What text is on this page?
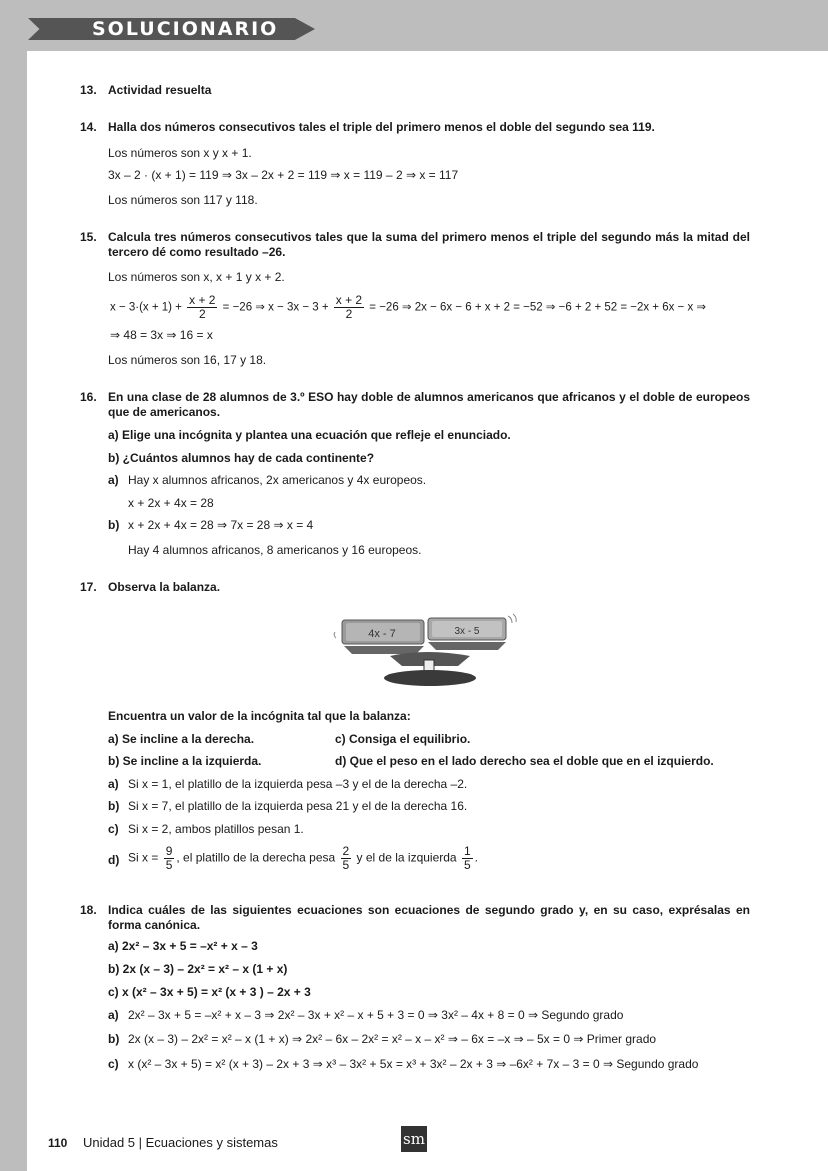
SOLUCIONARIO
13. Actividad resuelta
14. Halla dos números consecutivos tales el triple del primero menos el doble del segundo sea 119.
Los números son x y x + 1.
3x – 2 · (x + 1) = 119 ⇒ 3x – 2x + 2 = 119 ⇒ x = 119 – 2 ⇒ x = 117
Los números son 117 y 118.
15. Calcula tres números consecutivos tales que la suma del primero menos el triple del segundo más la mitad del tercero dé como resultado –26.
Los números son x, x + 1 y x + 2.
$x - 3\cdot(x + 1) + \frac{x + 2}{2} = -26$ ⇒ $x - 3x - 3 + \frac{x + 2}{2} = -26$ ⇒ 2x − 6x − 6 + x + 2 = −52 ⇒ −6 + 2 + 52 = −2x + 6x − x ⇒
⇒ 48 = 3x ⇒ 16 = x
Los números son 16, 17 y 18.
16. En una clase de 28 alumnos de 3.º ESO hay doble de alumnos americanos que africanos y el doble de europeos que de americanos.
a) Elige una incógnita y plantea una ecuación que refleje el enunciado.
b) ¿Cuántos alumnos hay de cada continente?
a) Hay x alumnos africanos, 2x americanos y 4x europeos.
x + 2x + 4x = 28
b) x + 2x + 4x = 28 ⇒ 7x = 28 ⇒ x = 4
Hay 4 alumnos africanos, 8 americanos y 16 europeos.
17. Observa la balanza.
4x - 7	3x - 5
Encuentra un valor de la incógnita tal que la balanza:
a) Se incline a la derecha.	c) Consiga el equilibrio.
b) Se incline a la izquierda.	d) Que el peso en el lado derecho sea el doble que en el izquierdo.
a) Si x = 1, el platillo de la izquierda pesa –3 y el de la derecha –2.
b) Si x = 7, el platillo de la izquierda pesa 21 y el de la derecha 16.
c) Si x = 2, ambos platillos pesan 1.
d) Si $x = \frac{9}{5}$ , el platillo de la derecha pesa $\frac{2}{5}$ y el de la izquierda $\frac{1}{5}$ .
18. Indica cuáles de las siguientes ecuaciones son ecuaciones de segundo grado y, en su caso, exprésalas en forma canónica.
a) 2x² – 3x + 5 = –x² + x – 3
b) 2x (x – 3) – 2x² = x² – x (1 + x)
c) x (x² – 3x + 5) = x² (x + 3 ) – 2x + 3
a) 2x² – 3x + 5 = –x² + x – 3 ⇒ 2x² – 3x + x² – x + 5 + 3 = 0 ⇒ 3x² – 4x + 8 = 0 ⇒ Segundo grado
b) 2x (x – 3) – 2x² = x² – x (1 + x) ⇒ 2x² – 6x – 2x² = x² – x – x² ⇒ – 6x = –x ⇒ – 5x = 0 ⇒ Primer grado
c) x (x² – 3x + 5) = x² (x + 3) – 2x + 3 ⇒ x³ – 3x² + 5x = x³ + 3x² – 2x + 3 ⇒ –6x² + 7x – 3 = 0 ⇒ Segundo grado
110 Unidad 5 | Ecuaciones y sistemas	sm
